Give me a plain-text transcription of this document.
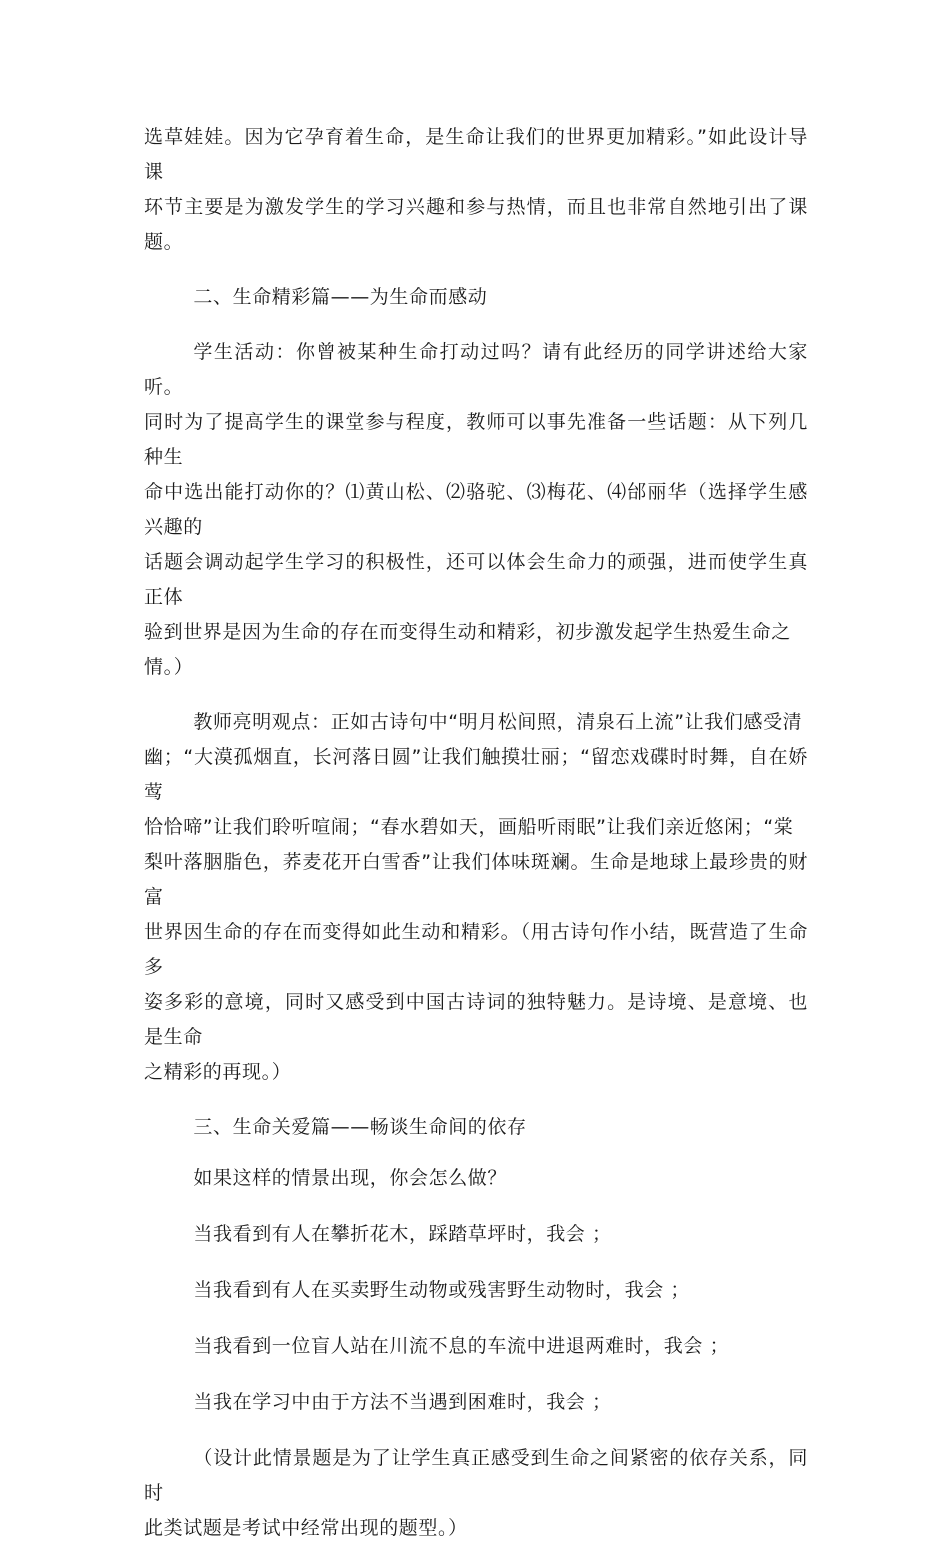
选草娃娃。因为它孕育着生命，是生命让我们的世界更加精彩。”如此设计导课
环节主要是为激发学生的学习兴趣和参与热情，而且也非常自然地引出了课题。

二、生命精彩篇——为生命而感动

学生活动：你曾被某种生命打动过吗？请有此经历的同学讲述给大家听。
同时为了提高学生的课堂参与程度，教师可以事先准备一些话题：从下列几种生
命中选出能打动你的？⑴黄山松、⑵骆驼、⑶梅花、⑷邰丽华（选择学生感兴趣的
话题会调动起学生学习的积极性，还可以体会生命力的顽强，进而使学生真正体
验到世界是因为生命的存在而变得生动和精彩，初步激发起学生热爱生命之
情。）

教师亮明观点：正如古诗句中“明月松间照，清泉石上流”让我们感受清
幽；“大漠孤烟直，长河落日圆”让我们触摸壮丽；“留恋戏碟时时舞，自在娇莺
恰恰啼”让我们聆听喧闹；“春水碧如天，画船听雨眠”让我们亲近悠闲；“棠
梨叶落胭脂色，荞麦花开白雪香”让我们体味斑斓。生命是地球上最珍贵的财富
世界因生命的存在而变得如此生动和精彩。（用古诗句作小结，既营造了生命多
姿多彩的意境，同时又感受到中国古诗词的独特魅力。是诗境、是意境、也是生命
之精彩的再现。）

三、生命关爱篇——畅谈生命间的依存

如果这样的情景出现，你会怎么做？

当我看到有人在攀折花木，踩踏草坪时，我会 ；

当我看到有人在买卖野生动物或残害野生动物时，我会 ；

当我看到一位盲人站在川流不息的车流中进退两难时，我会 ；

当我在学习中由于方法不当遇到困难时，我会 ；

（设计此情景题是为了让学生真正感受到生命之间紧密的依存关系，同时
此类试题是考试中经常出现的题型。）
